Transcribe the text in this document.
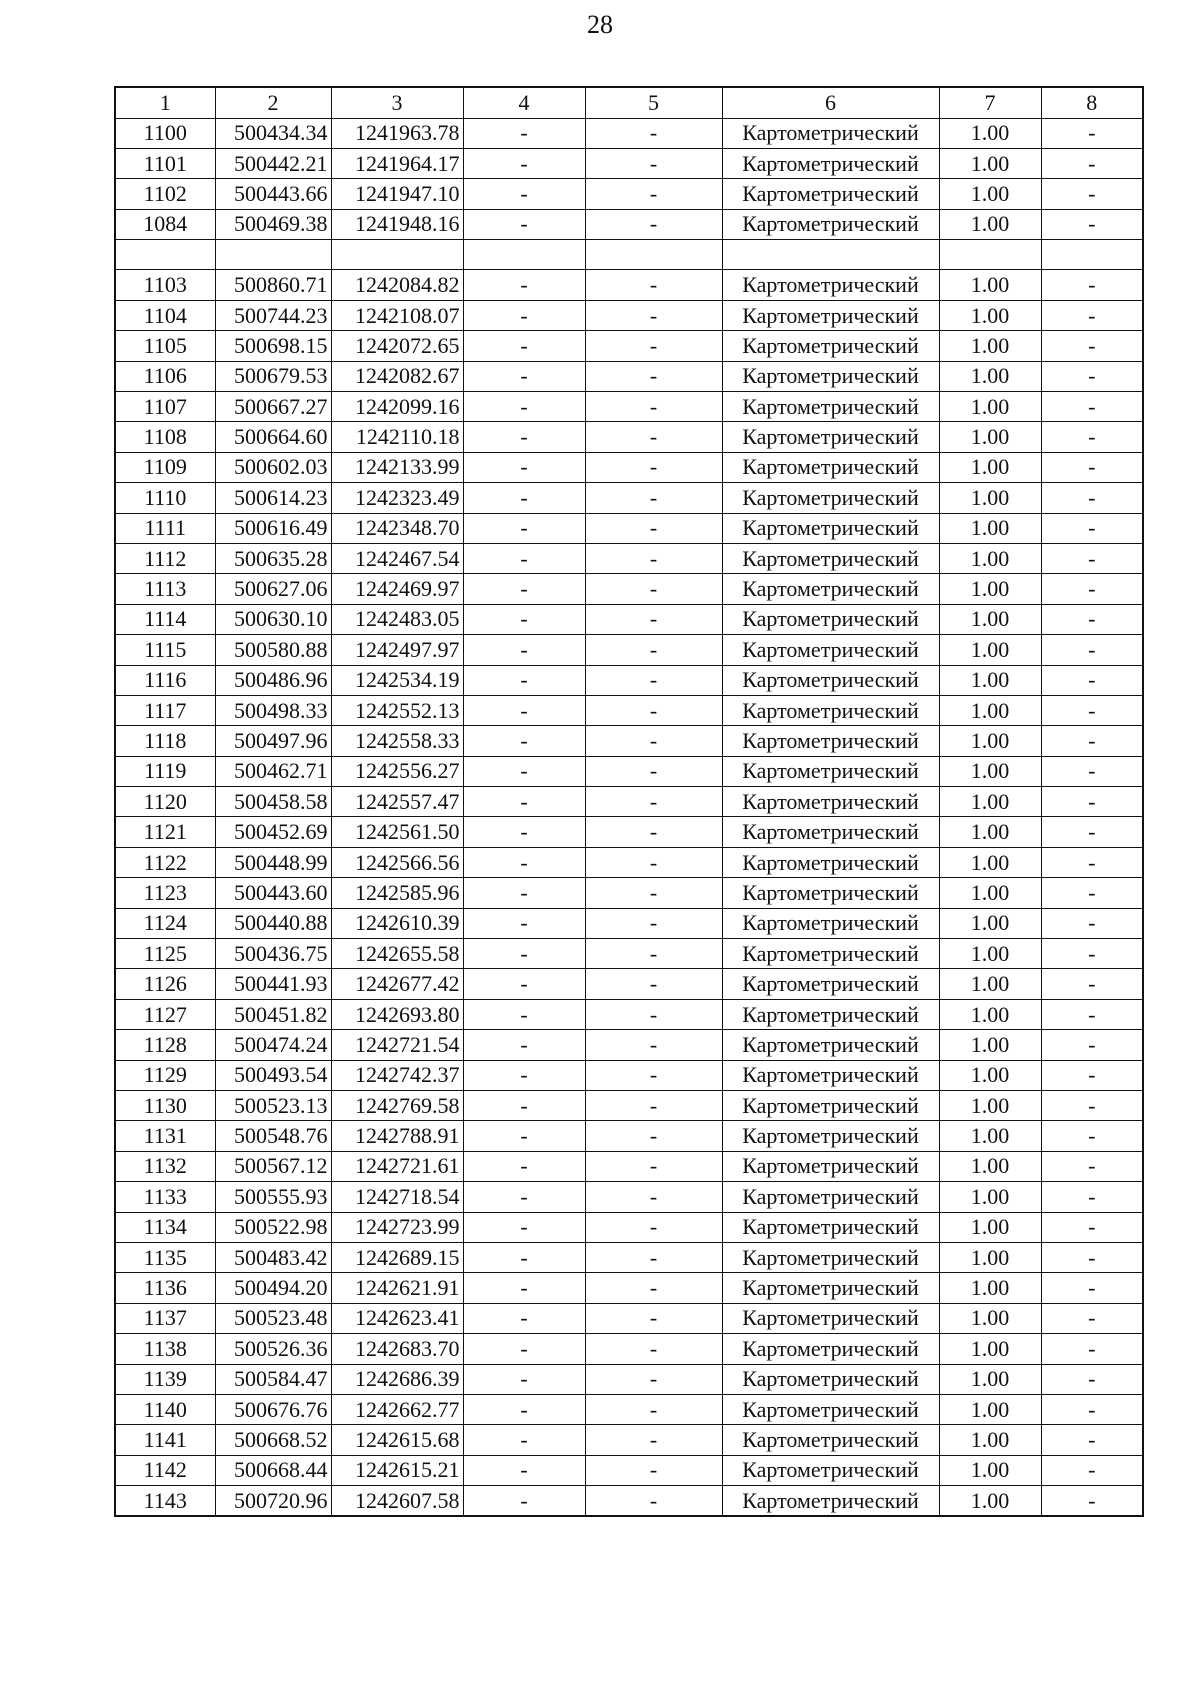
28
1	2	3	4	5	6	7	8
1100	500434.34	1241963.78	-	-	Картометрический	1.00	-
1101	500442.21	1241964.17	-	-	Картометрический	1.00	-
1102	500443.66	1241947.10	-	-	Картометрический	1.00	-
1084	500469.38	1241948.16	-	-	Картометрический	1.00	-

1103	500860.71	1242084.82	-	-	Картометрический	1.00	-
1104	500744.23	1242108.07	-	-	Картометрический	1.00	-
1105	500698.15	1242072.65	-	-	Картометрический	1.00	-
1106	500679.53	1242082.67	-	-	Картометрический	1.00	-
1107	500667.27	1242099.16	-	-	Картометрический	1.00	-
1108	500664.60	1242110.18	-	-	Картометрический	1.00	-
1109	500602.03	1242133.99	-	-	Картометрический	1.00	-
1110	500614.23	1242323.49	-	-	Картометрический	1.00	-
1111	500616.49	1242348.70	-	-	Картометрический	1.00	-
1112	500635.28	1242467.54	-	-	Картометрический	1.00	-
1113	500627.06	1242469.97	-	-	Картометрический	1.00	-
1114	500630.10	1242483.05	-	-	Картометрический	1.00	-
1115	500580.88	1242497.97	-	-	Картометрический	1.00	-
1116	500486.96	1242534.19	-	-	Картометрический	1.00	-
1117	500498.33	1242552.13	-	-	Картометрический	1.00	-
1118	500497.96	1242558.33	-	-	Картометрический	1.00	-
1119	500462.71	1242556.27	-	-	Картометрический	1.00	-
1120	500458.58	1242557.47	-	-	Картометрический	1.00	-
1121	500452.69	1242561.50	-	-	Картометрический	1.00	-
1122	500448.99	1242566.56	-	-	Картометрический	1.00	-
1123	500443.60	1242585.96	-	-	Картометрический	1.00	-
1124	500440.88	1242610.39	-	-	Картометрический	1.00	-
1125	500436.75	1242655.58	-	-	Картометрический	1.00	-
1126	500441.93	1242677.42	-	-	Картометрический	1.00	-
1127	500451.82	1242693.80	-	-	Картометрический	1.00	-
1128	500474.24	1242721.54	-	-	Картометрический	1.00	-
1129	500493.54	1242742.37	-	-	Картометрический	1.00	-
1130	500523.13	1242769.58	-	-	Картометрический	1.00	-
1131	500548.76	1242788.91	-	-	Картометрический	1.00	-
1132	500567.12	1242721.61	-	-	Картометрический	1.00	-
1133	500555.93	1242718.54	-	-	Картометрический	1.00	-
1134	500522.98	1242723.99	-	-	Картометрический	1.00	-
1135	500483.42	1242689.15	-	-	Картометрический	1.00	-
1136	500494.20	1242621.91	-	-	Картометрический	1.00	-
1137	500523.48	1242623.41	-	-	Картометрический	1.00	-
1138	500526.36	1242683.70	-	-	Картометрический	1.00	-
1139	500584.47	1242686.39	-	-	Картометрический	1.00	-
1140	500676.76	1242662.77	-	-	Картометрический	1.00	-
1141	500668.52	1242615.68	-	-	Картометрический	1.00	-
1142	500668.44	1242615.21	-	-	Картометрический	1.00	-
1143	500720.96	1242607.58	-	-	Картометрический	1.00	-
